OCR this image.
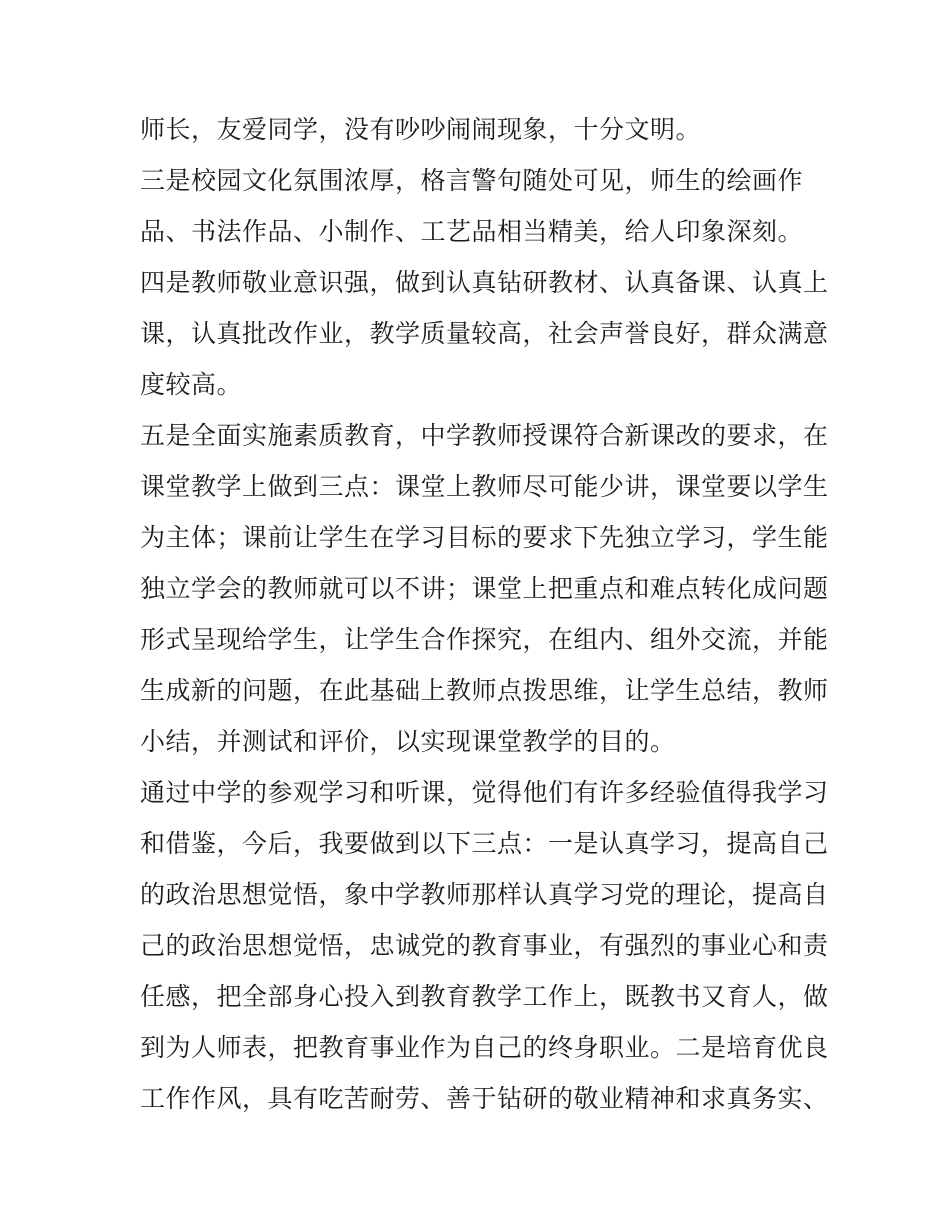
师长，友爱同学，没有吵吵闹闹现象，十分文明。
三是校园文化氛围浓厚，格言警句随处可见，师生的绘画作
品、书法作品、小制作、工艺品相当精美，给人印象深刻。
四是教师敬业意识强，做到认真钻研教材、认真备课、认真上
课，认真批改作业，教学质量较高，社会声誉良好，群众满意
度较高。
五是全面实施素质教育，中学教师授课符合新课改的要求，在
课堂教学上做到三点：课堂上教师尽可能少讲，课堂要以学生
为主体；课前让学生在学习目标的要求下先独立学习，学生能
独立学会的教师就可以不讲；课堂上把重点和难点转化成问题
形式呈现给学生，让学生合作探究，在组内、组外交流，并能
生成新的问题，在此基础上教师点拨思维，让学生总结，教师
小结，并测试和评价，以实现课堂教学的目的。
通过中学的参观学习和听课，觉得他们有许多经验值得我学习
和借鉴，今后，我要做到以下三点：一是认真学习，提高自己
的政治思想觉悟，象中学教师那样认真学习党的理论，提高自
己的政治思想觉悟，忠诚党的教育事业，有强烈的事业心和责
任感，把全部身心投入到教育教学工作上，既教书又育人，做
到为人师表，把教育事业作为自己的终身职业。二是培育优良
工作作风，具有吃苦耐劳、善于钻研的敬业精神和求真务实、
